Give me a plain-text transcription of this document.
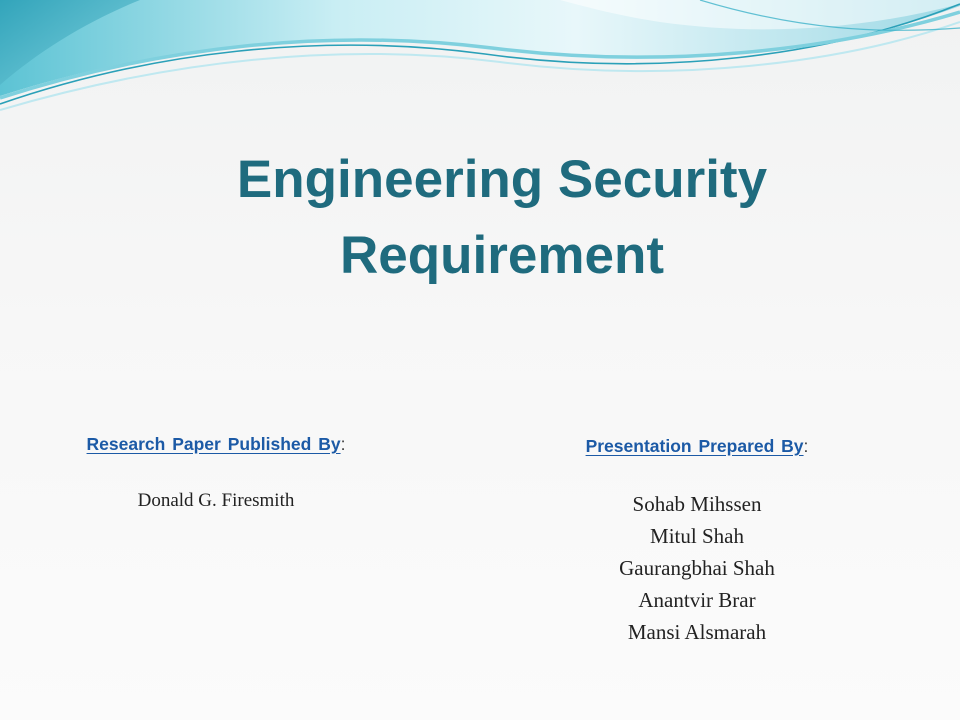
Engineering Security
Requirement
Research Paper Published By:
Donald G. Firesmith
Presentation Prepared By:
Sohab Mihssen
Mitul Shah
Gaurangbhai Shah
Anantvir Brar
Mansi Alsmarah
